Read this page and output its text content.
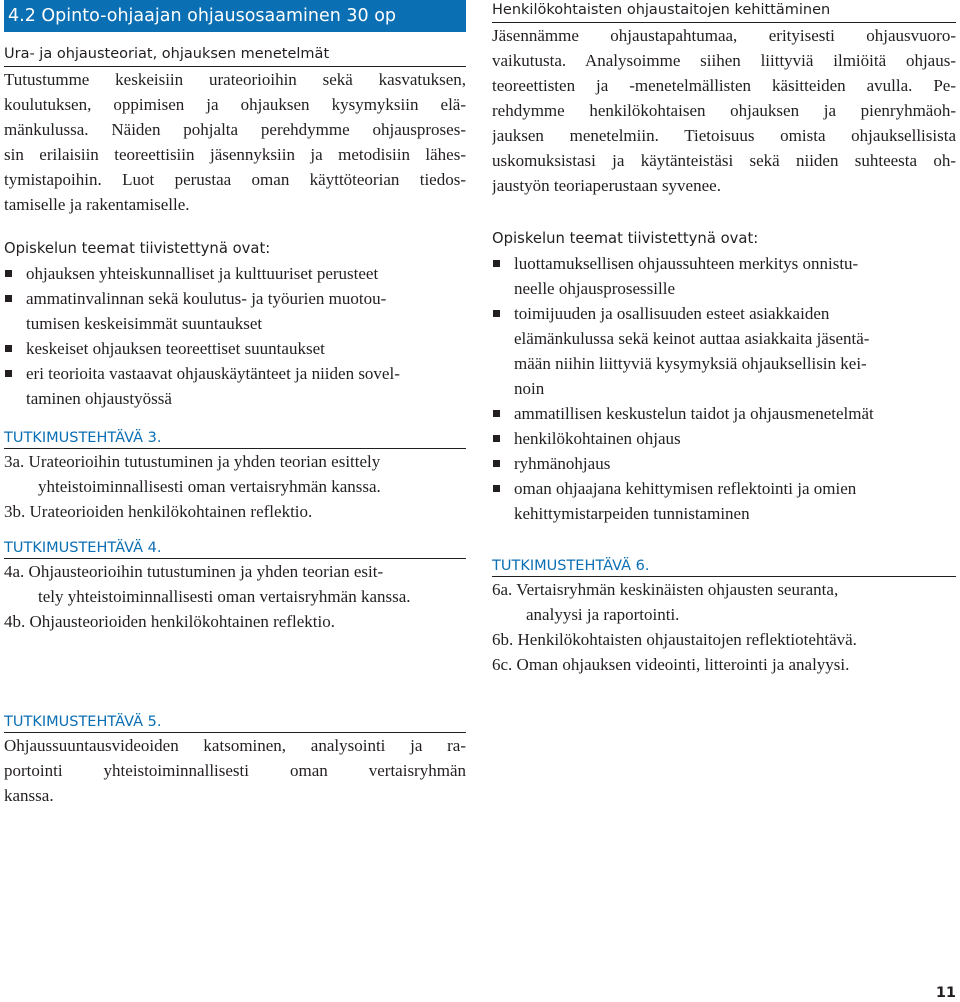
4.2 Opinto-ohjaajan ohjausosaaminen 30 op
Ura- ja ohjausteoriat, ohjauksen menetelmät
Tutustumme keskeisiin urateorioihin sekä kasvatuksen,
koulutuksen, oppimisen ja ohjauksen kysymyksiin elä-
mänkulussa. Näiden pohjalta perehdymme ohjausproses-
sin erilaisiin teoreettisiin jäsennyksiin ja metodisiin lähes-
tymistapoihin. Luot perustaa oman käyttöteorian tiedos-
tamiselle ja rakentamiselle.
Opiskelun teemat tiivistettynä ovat:
ohjauksen yhteiskunnalliset ja kulttuuriset perusteet
ammatinvalinnan sekä koulutus- ja työurien muotou-
tumisen keskeisimmät suuntaukset
keskeiset ohjauksen teoreettiset suuntaukset
eri teorioita vastaavat ohjauskäytänteet ja niiden sovel-
taminen ohjaustyössä
TUTKIMUSTEHTÄVÄ 3.
3a. Urateorioihin tutustuminen ja yhden teorian esittely
yhteistoiminnallisesti oman vertaisryhmän kanssa.
3b. Urateorioiden henkilökohtainen reflektio.
TUTKIMUSTEHTÄVÄ 4.
4a. Ohjausteorioihin tutustuminen ja yhden teorian esit-
tely yhteistoiminnallisesti oman vertaisryhmän kanssa.
4b. Ohjausteorioiden henkilökohtainen reflektio.
TUTKIMUSTEHTÄVÄ 5.
Ohjaussuuntausvideoiden katsominen, analysointi ja ra-
portointi yhteistoiminnallisesti oman vertaisryhmän
kanssa.
Henkilökohtaisten ohjaustaitojen kehittäminen
Jäsennämme ohjaustapahtumaa, erityisesti ohjausvuoro-
vaikutusta. Analysoimme siihen liittyviä ilmiöitä ohjaus-
teoreettisten ja -menetelmällisten käsitteiden avulla. Pe-
rehdymme henkilökohtaisen ohjauksen ja pienryhmäoh-
jauksen menetelmiin. Tietoisuus omista ohjauksellisista
uskomuksistasi ja käytänteistäsi sekä niiden suhteesta oh-
jaustyön teoriaperustaan syvenee.
Opiskelun teemat tiivistettynä ovat:
luottamuksellisen ohjaussuhteen merkitys onnistu-
neelle ohjausprosessille
toimijuuden ja osallisuuden esteet asiakkaiden
elämänkulussa sekä keinot auttaa asiakkaita jäsentä-
mään niihin liittyviä kysymyksiä ohjauksellisin kei-
noin
ammatillisen keskustelun taidot ja ohjausmenetelmät
henkilökohtainen ohjaus
ryhmänohjaus
oman ohjaajana kehittymisen reflektointi ja omien
kehittymistarpeiden tunnistaminen
TUTKIMUSTEHTÄVÄ 6.
6a. Vertaisryhmän keskinäisten ohjausten seuranta,
analyysi ja raportointi.
6b. Henkilökohtaisten ohjaustaitojen reflektiotehtävä.
6c. Oman ohjauksen videointi, litterointi ja analyysi.
11
